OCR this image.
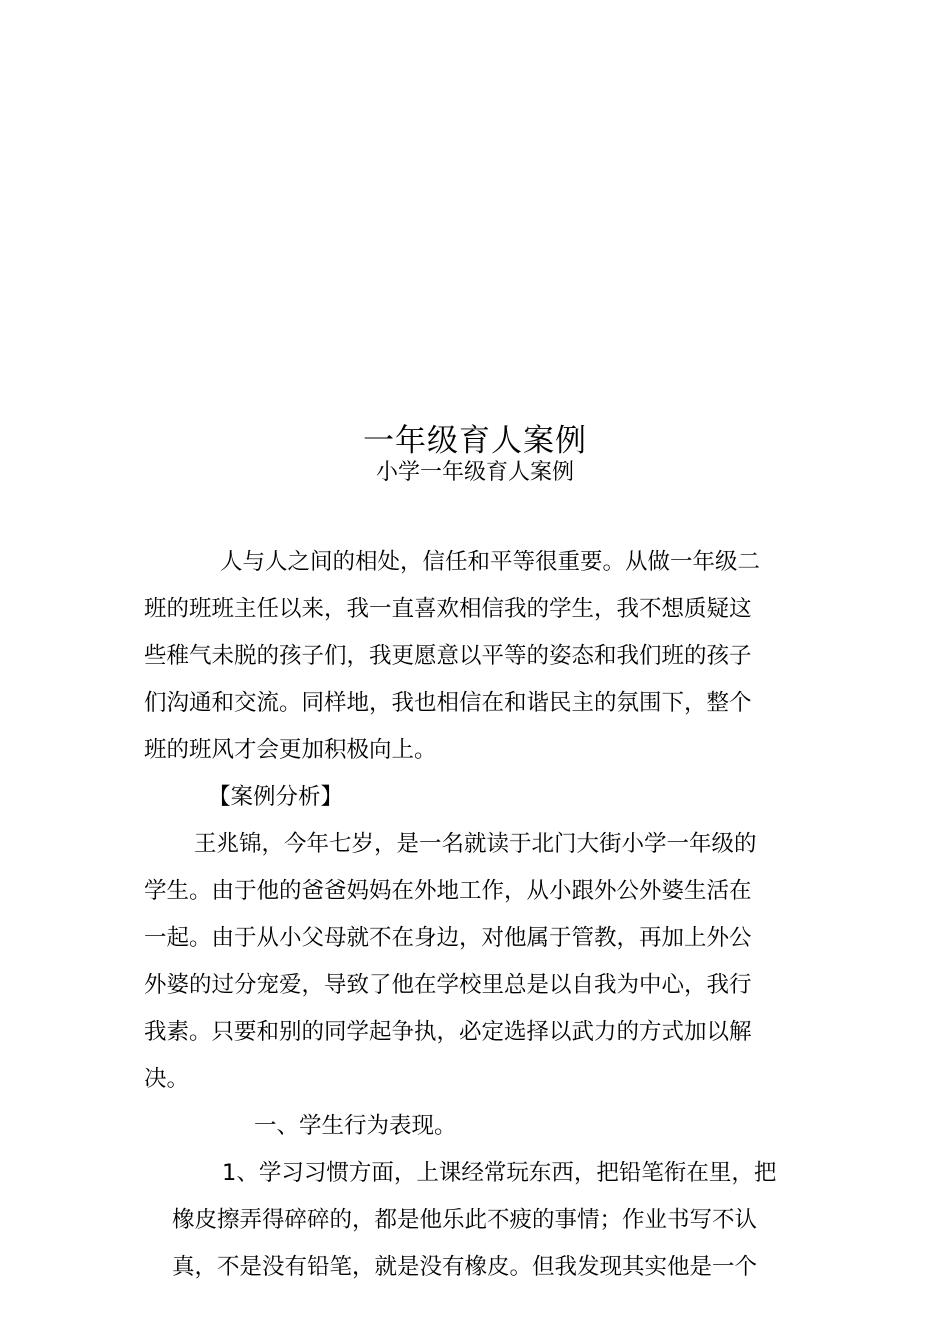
一年级育人案例
小学一年级育人案例
人与人之间的相处，信任和平等很重要。从做一年级二
班的班班主任以来，我一直喜欢相信我的学生，我不想质疑这
些稚气未脱的孩子们，我更愿意以平等的姿态和我们班的孩子
们沟通和交流。同样地，我也相信在和谐民主的氛围下，整个
班的班风才会更加积极向上。
【案例分析】
王兆锦，今年七岁，是一名就读于北门大街小学一年级的
学生。由于他的爸爸妈妈在外地工作，从小跟外公外婆生活在
一起。由于从小父母就不在身边，对他属于管教，再加上外公
外婆的过分宠爱，导致了他在学校里总是以自我为中心，我行
我素。只要和别的同学起争执，必定选择以武力的方式加以解
决。
一、学生行为表现。
1、学习习惯方面，上课经常玩东西，把铅笔衔在里，把
橡皮擦弄得碎碎的，都是他乐此不疲的事情；作业书写不认
真，不是没有铅笔，就是没有橡皮。但我发现其实他是一个
